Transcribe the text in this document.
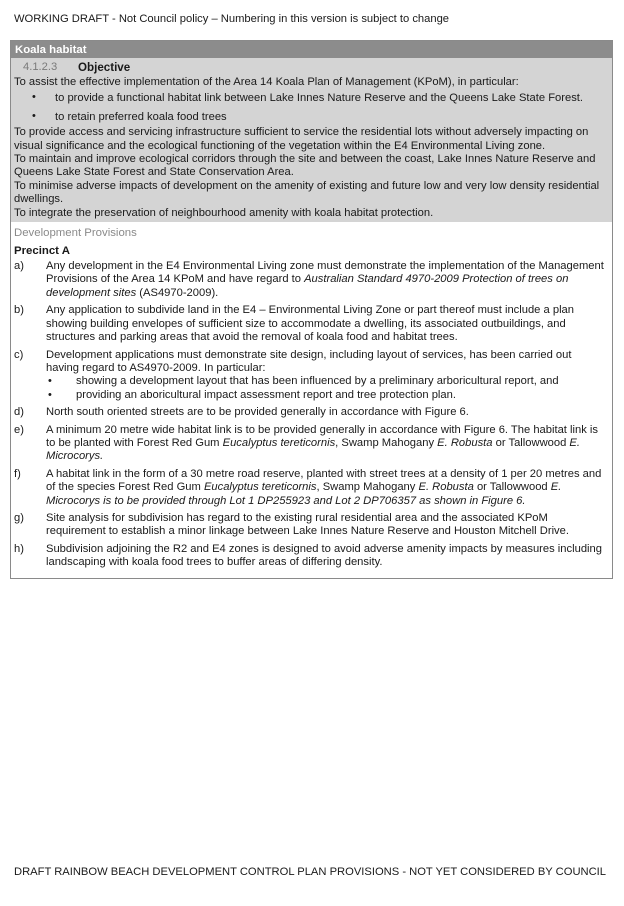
WORKING DRAFT - Not Council policy – Numbering in this version is subject to change
Koala habitat
4.1.2.3	Objective

To assist the effective implementation of the Area 14 Koala Plan of Management (KPoM), in particular:

• to provide a functional habitat link between Lake Innes Nature Reserve and the Queens Lake State Forest.
• to retain preferred koala food trees

To provide access and servicing infrastructure sufficient to service the residential lots without adversely impacting on visual significance and the ecological functioning of the vegetation within the E4 Environmental Living zone.

To maintain and improve ecological corridors through the site and between the coast, Lake Innes Nature Reserve and Queens Lake State Forest and State Conservation Area.

To minimise adverse impacts of development on the amenity of existing and future low and very low density residential dwellings.

To integrate the preservation of neighbourhood amenity with koala habitat protection.

Development Provisions
Precinct A
a)	Any development in the E4 Environmental Living zone must demonstrate the implementation of the Management Provisions of the Area 14 KPoM and have regard to Australian Standard 4970-2009 Protection of trees on development sites (AS4970-2009).
b)	Any application to subdivide land in the E4 – Environmental Living Zone or part thereof must include a plan showing building envelopes of sufficient size to accommodate a dwelling, its associated outbuildings, and structures and parking areas that avoid the removal of koala food and habitat trees.
c)	Development applications must demonstrate site design, including layout of services, has been carried out having regard to AS4970-2009. In particular:
• showing a development layout that has been influenced by a preliminary arboricultural report, and
• providing an aboricultural impact assessment report and tree protection plan.
d)	North south oriented streets are to be provided generally in accordance with Figure 6.
e)	A minimum 20 metre wide habitat link is to be provided generally in accordance with Figure 6. The habitat link is to be planted with Forest Red Gum Eucalyptus tereticornis, Swamp Mahogany E. Robusta or Tallowwood E. Microcorys.
f)	A habitat link in the form of a 30 metre road reserve, planted with street trees at a density of 1 per 20 metres and of the species Forest Red Gum Eucalyptus tereticornis, Swamp Mahogany E. Robusta or Tallowwood E. Microcorys is to be provided through Lot 1 DP255923 and Lot 2 DP706357 as shown in Figure 6.
g)	Site analysis for subdivision has regard to the existing rural residential area and the associated KPoM requirement to establish a minor linkage between Lake Innes Nature Reserve and Houston Mitchell Drive.
h)	Subdivision adjoining the R2 and E4 zones is designed to avoid adverse amenity impacts by measures including landscaping with koala food trees to buffer areas of differing density.
DRAFT RAINBOW BEACH DEVELOPMENT CONTROL PLAN PROVISIONS - NOT YET CONSIDERED BY COUNCIL
